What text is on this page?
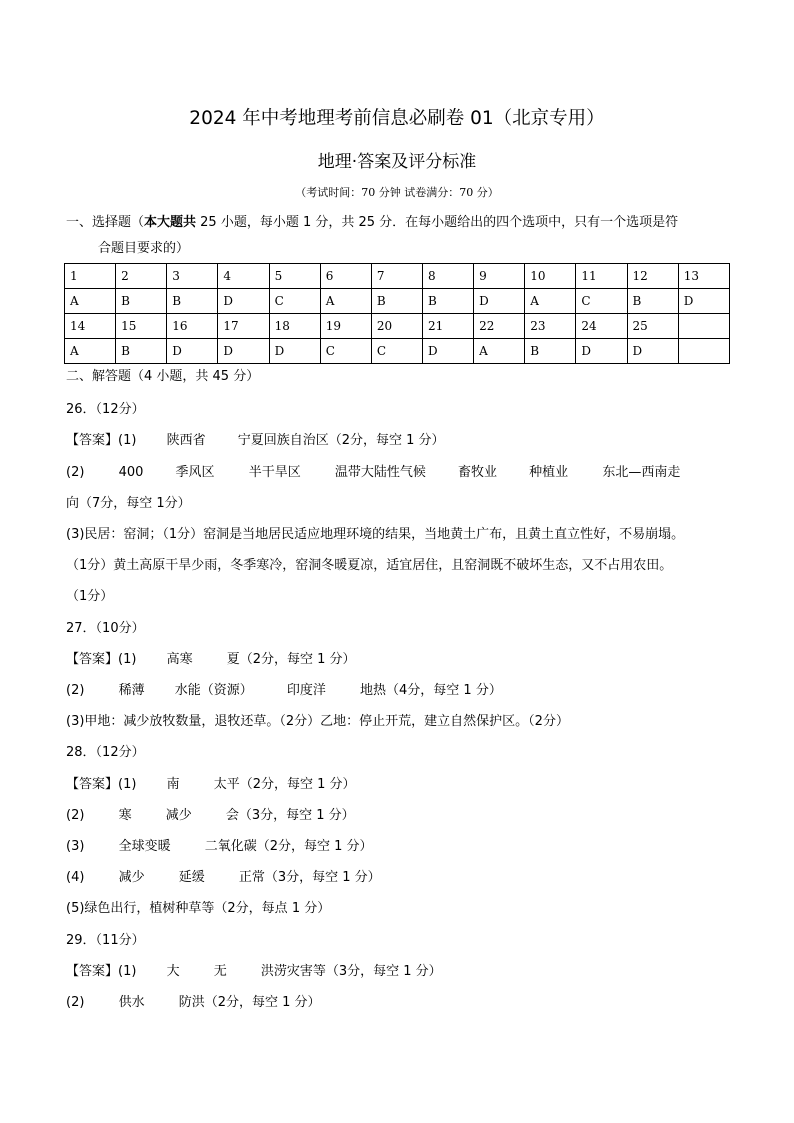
2024 年中考地理考前信息必刷卷 01（北京专用）
地理·答案及评分标准
（考试时间：70 分钟 试卷满分：70 分）
一、选择题（本大题共 25 小题，每小题 1 分，共 25 分．在每小题给出的四个选项中，只有一个选项是符
合题目要求的）
1	2	3	4	5	6	7	8	9	10	11	12	13
A	B	B	D	C	A	B	B	D	A	C	B	D
14	15	16	17	18	19	20	21	22	23	24	25	
A	B	D	D	D	C	C	D	A	B	D	D	
二、解答题（4 小题，共 45 分）
26．（12分）
【答案】(1) 陕西省 宁夏回族自治区（2分，每空 1 分）
(2)	400 季风区	半干旱区	温带大陆性气候 畜牧业 种植业	东北—西南走
向（7分，每空 1分）
(3)民居：窑洞；（1分）窑洞是当地居民适应地理环境的结果，当地黄土广布，且黄土直立性好，不易崩塌。
（1分）黄土高原干旱少雨，冬季寒冷，窑洞冬暖夏凉，适宜居住，且窑洞既不破坏生态，又不占用农田。
（1分）
27．（10分）
【答案】(1) 高寒	夏（2分，每空 1 分）
(2)	稀薄 水能（资源）	印度洋	地热（4分，每空 1 分）
(3)甲地：减少放牧数量，退牧还草。（2分）乙地：停止开荒，建立自然保护区。（2分）
28．（12分）
【答案】(1) 南	太平（2分，每空 1 分）
(2)	寒	减少	会（3分，每空 1 分）
(3)	全球变暖	二氧化碳（2分，每空 1 分）
(4)	减少	延缓	正常（3分，每空 1 分）
(5)绿色出行，植树种草等（2分，每点 1 分）
29．（11分）
【答案】(1) 大	无	洪涝灾害等（3分，每空 1 分）
(2)	供水	防洪（2分，每空 1 分）
